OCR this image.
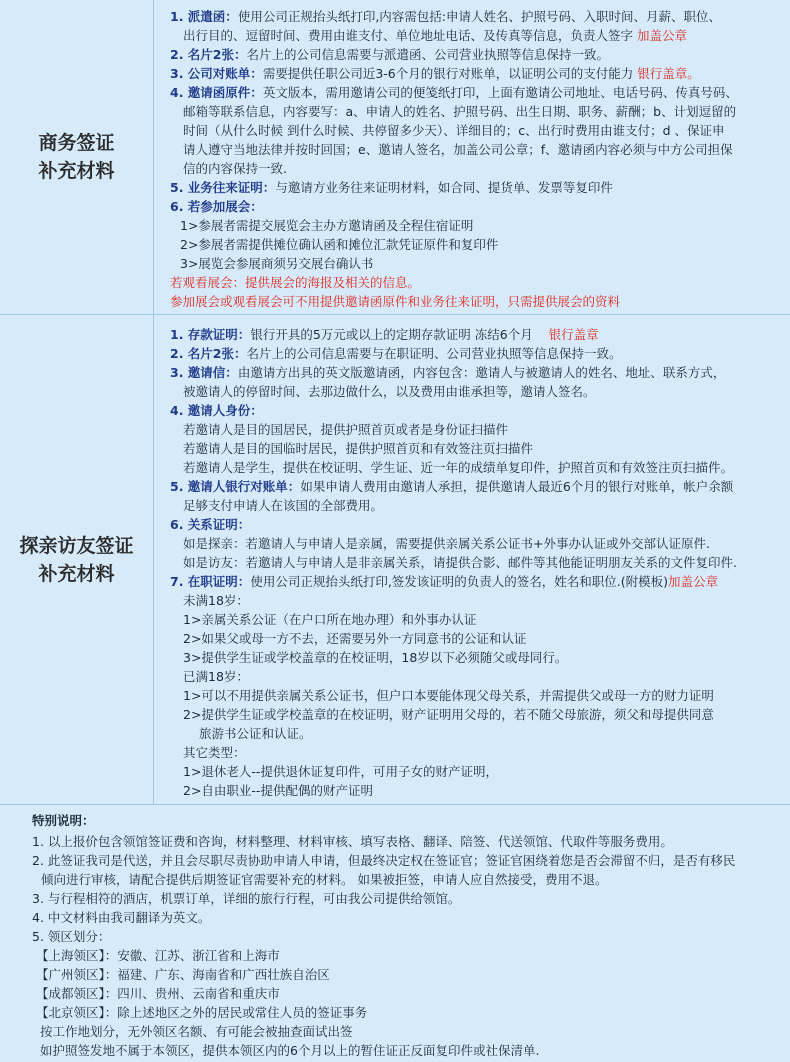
商务签证
补充材料
1. 派遣函：使用公司正规抬头纸打印,内容需包括:申请人姓名、护照号码、入职时间、月薪、职位、
出行目的、逗留时间、费用由谁支付、单位地址电话、及传真等信息，负责人签字 加盖公章
2. 名片2张：名片上的公司信息需要与派遣函、公司营业执照等信息保持一致。
3. 公司对账单：需要提供任职公司近3-6个月的银行对账单，以证明公司的支付能力 银行盖章。
4. 邀请函原件：英文版本，需用邀请公司的便笺纸打印，上面有邀请公司地址、电话号码、传真号码、
邮箱等联系信息，内容要写：a、申请人的姓名、护照号码、出生日期、职务、薪酬；b、计划逗留的
时间（从什么时候 到什么时候、共停留多少天）、详细目的；c、出行时费用由谁支付；d 、保证申
请人遵守当地法律并按时回国；e、邀请人签名，加盖公司公章；f、邀请函内容必须与中方公司担保
信的内容保持一致.
5. 业务往来证明：与邀请方业务往来证明材料，如合同、提货单、发票等复印件
6. 若参加展会：
1>参展者需提交展览会主办方邀请函及全程住宿证明
2>参展者需提供摊位确认函和摊位汇款凭证原件和复印件
3>展览会参展商须另交展台确认书
若观看展会：提供展会的海报及相关的信息。
参加展会或观看展会可不用提供邀请函原件和业务往来证明，只需提供展会的资料
探亲访友签证
补充材料
1. 存款证明：银行开具的5万元或以上的定期存款证明 冻结6个月 银行盖章
2. 名片2张：名片上的公司信息需要与在职证明、公司营业执照等信息保持一致。
3. 邀请信：由邀请方出具的英文版邀请函，内容包含：邀请人与被邀请人的姓名、地址、联系方式，
被邀请人的停留时间、去那边做什么，以及费用由谁承担等，邀请人签名。
4. 邀请人身份：
若邀请人是目的国居民，提供护照首页或者是身份证扫描件
若邀请人是目的国临时居民，提供护照首页和有效签注页扫描件
若邀请人是学生，提供在校证明、学生证、近一年的成绩单复印件，护照首页和有效签注页扫描件。
5. 邀请人银行对账单：如果申请人费用由邀请人承担，提供邀请人最近6个月的银行对账单，帐户余额
足够支付申请人在该国的全部费用。
6. 关系证明：
如是探亲：若邀请人与申请人是亲属，需要提供亲属关系公证书+外事办认证或外交部认证原件.
如是访友：若邀请人与申请人是非亲属关系，请提供合影、邮件等其他能证明朋友关系的文件复印件.
7. 在职证明：使用公司正规抬头纸打印,签发该证明的负责人的签名，姓名和职位.(附模板)加盖公章
未满18岁：
1>亲属关系公证（在户口所在地办理）和外事办认证
2>如果父或母一方不去，还需要另外一方同意书的公证和认证
3>提供学生证或学校盖章的在校证明，18岁以下必须随父或母同行。
已满18岁：
1>可以不用提供亲属关系公证书，但户口本要能体现父母关系，并需提供父或母一方的财力证明
2>提供学生证或学校盖章的在校证明，财产证明用父母的，若不随父母旅游，须父和母提供同意
旅游书公证和认证。
其它类型：
1>退休老人--提供退休证复印件，可用子女的财产证明，
2>自由职业--提供配偶的财产证明
特别说明：
1. 以上报价包含领馆签证费和咨询，材料整理、材料审核、填写表格、翻译、陪签、代送领馆、代取件等服务费用。
2. 此签证我司是代送，并且会尽职尽责协助申请人申请，但最终决定权在签证官；签证官困绕着您是否会滞留不归，是否有移民
倾向进行审核，请配合提供后期签证官需要补充的材料。 如果被拒签，申请人应自然接受，费用不退。
3. 与行程相符的酒店，机票订单，详细的旅行行程，可由我公司提供给领馆。
4. 中文材料由我司翻译为英文。
5. 领区划分：
【上海领区】：安徽、江苏、浙江省和上海市
【广州领区】：福建、广东、海南省和广西壮族自治区
【成都领区】：四川、贵州、云南省和重庆市
【北京领区】：除上述地区之外的居民或常住人员的签证事务
按工作地划分，无外领区名额、有可能会被抽查面试出签
如护照签发地不属于本领区，提供本领区内的6个月以上的暂住证正反面复印件或社保清单.
